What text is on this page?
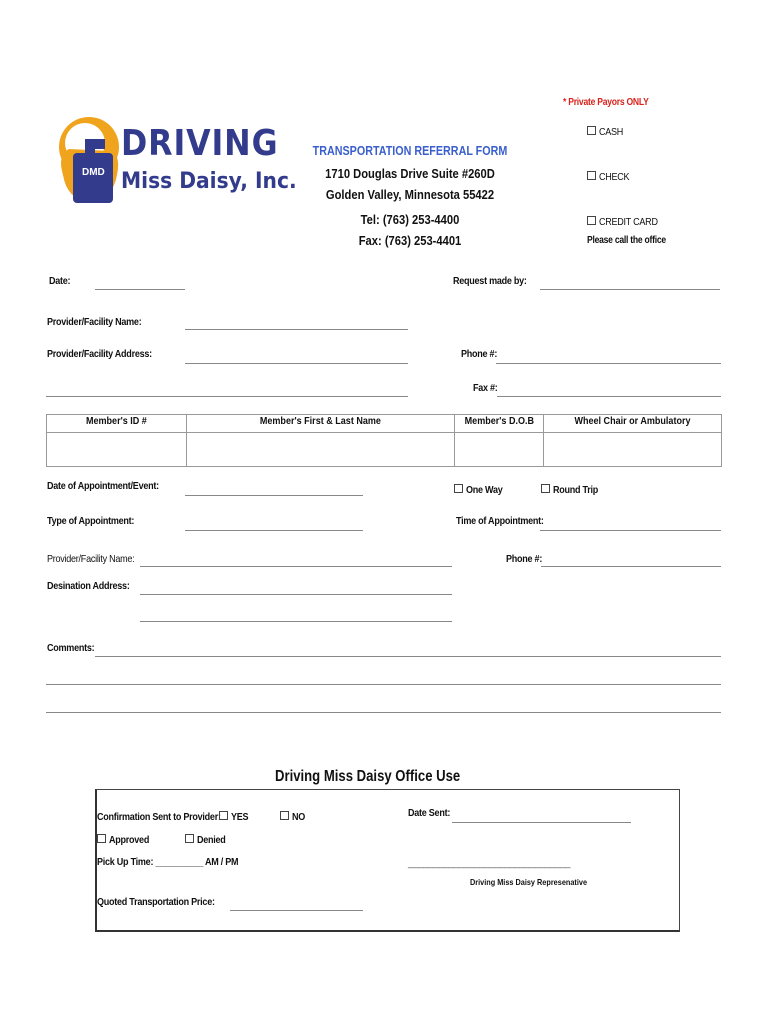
* Private Payors ONLY
CASH
CHECK
CREDIT CARD
Please call the office
DMD
DRIVING
Miss Daisy, Inc.
TRANSPORTATION REFERRAL FORM
1710 Douglas Drive Suite #260D
Golden Valley, Minnesota 55422
Tel: (763) 253-4400
Fax: (763) 253-4401
Date:	Request made by:
Provider/Facility Name:
Provider/Facility Address:	Phone #:
Fax #:
Member's ID #	Member's First & Last Name	Member's D.O.B	Wheel Chair or Ambulatory

Date of Appointment/Event:	One Way	Round Trip
Type of Appointment:	Time of Appointment:
Provider/Facility Name:	Phone #:
Desination Address:
Comments:
Driving Miss Daisy Office Use
Confirmation Sent to Provider: YES	NO	Date Sent:
Approved	Denied
Pick Up Time: __________ AM / PM	________________________________
Driving Miss Daisy Represenative
Quoted Transportation Price:
